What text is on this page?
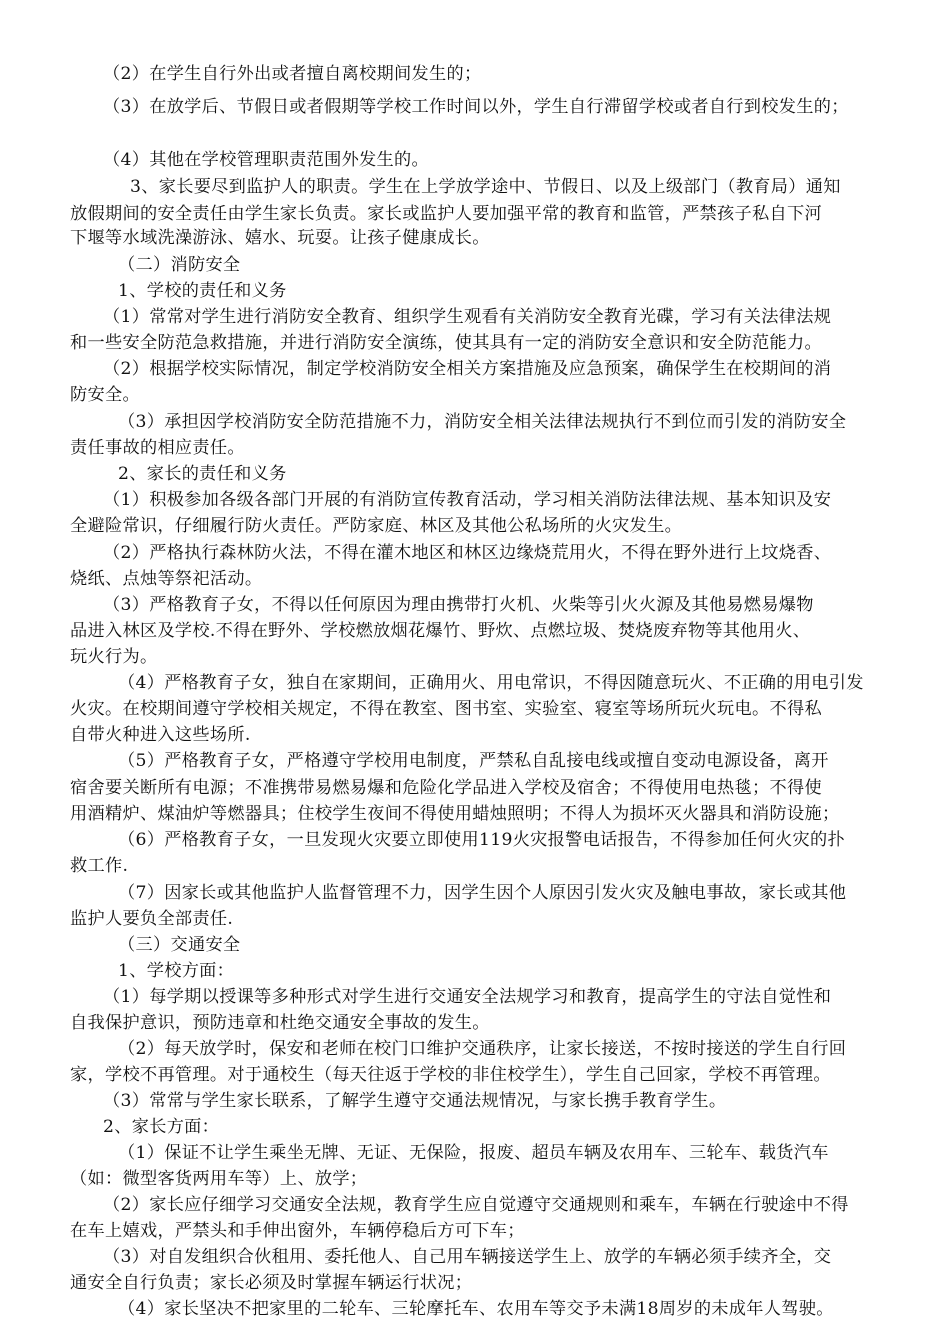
（2）在学生自行外出或者擅自离校期间发生的；
（3）在放学后、节假日或者假期等学校工作时间以外，学生自行滞留学校或者自行到校发生的；
（4）其他在学校管理职责范围外发生的。
3、家长要尽到监护人的职责。学生在上学放学途中、节假日、以及上级部门（教育局）通知
放假期间的安全责任由学生家长负责。家长或监护人要加强平常的教育和监管，严禁孩子私自下河
下堰等水域洗澡游泳、嬉水、玩耍。让孩子健康成长。
（二）消防安全
1、学校的责任和义务
（1）常常对学生进行消防安全教育、组织学生观看有关消防安全教育光碟，学习有关法律法规
和一些安全防范急救措施，并进行消防安全演练，使其具有一定的消防安全意识和安全防范能力。
（2）根据学校实际情况，制定学校消防安全相关方案措施及应急预案，确保学生在校期间的消
防安全。
（3）承担因学校消防安全防范措施不力，消防安全相关法律法规执行不到位而引发的消防安全
责任事故的相应责任。
2、家长的责任和义务
（1）积极参加各级各部门开展的有消防宣传教育活动，学习相关消防法律法规、基本知识及安
全避险常识，仔细履行防火责任。严防家庭、林区及其他公私场所的火灾发生。
（2）严格执行森林防火法，不得在灌木地区和林区边缘烧荒用火，不得在野外进行上坟烧香、
烧纸、点烛等祭祀活动。
（3）严格教育子女，不得以任何原因为理由携带打火机、火柴等引火火源及其他易燃易爆物
品进入林区及学校.不得在野外、学校燃放烟花爆竹、野炊、点燃垃圾、焚烧废弃物等其他用火、
玩火行为。
（4）严格教育子女，独自在家期间，正确用火、用电常识，不得因随意玩火、不正确的用电引发
火灾。在校期间遵守学校相关规定，不得在教室、图书室、实验室、寝室等场所玩火玩电。不得私
自带火种进入这些场所.
（5）严格教育子女，严格遵守学校用电制度，严禁私自乱接电线或擅自变动电源设备，离开
宿舍要关断所有电源；不准携带易燃易爆和危险化学品进入学校及宿舍；不得使用电热毯；不得使
用酒精炉、煤油炉等燃器具；住校学生夜间不得使用蜡烛照明；不得人为损坏灭火器具和消防设施；
（6）严格教育子女，一旦发现火灾要立即使用119火灾报警电话报告，不得参加任何火灾的扑
救工作.
（7）因家长或其他监护人监督管理不力，因学生因个人原因引发火灾及触电事故，家长或其他
监护人要负全部责任.
（三）交通安全
1、学校方面：
（1）每学期以授课等多种形式对学生进行交通安全法规学习和教育，提高学生的守法自觉性和
自我保护意识，预防违章和杜绝交通安全事故的发生。
（2）每天放学时，保安和老师在校门口维护交通秩序，让家长接送，不按时接送的学生自行回
家，学校不再管理。对于通校生（每天往返于学校的非住校学生），学生自己回家，学校不再管理。
（3）常常与学生家长联系，了解学生遵守交通法规情况，与家长携手教育学生。
2、家长方面：
（1）保证不让学生乘坐无牌、无证、无保险，报废、超员车辆及农用车、三轮车、载货汽车
（如：微型客货两用车等）上、放学；
（2）家长应仔细学习交通安全法规，教育学生应自觉遵守交通规则和乘车，车辆在行驶途中不得
在车上嬉戏，严禁头和手伸出窗外，车辆停稳后方可下车；
（3）对自发组织合伙租用、委托他人、自己用车辆接送学生上、放学的车辆必须手续齐全，交
通安全自行负责；家长必须及时掌握车辆运行状况；
（4）家长坚决不把家里的二轮车、三轮摩托车、农用车等交予未满18周岁的未成年人驾驶。
